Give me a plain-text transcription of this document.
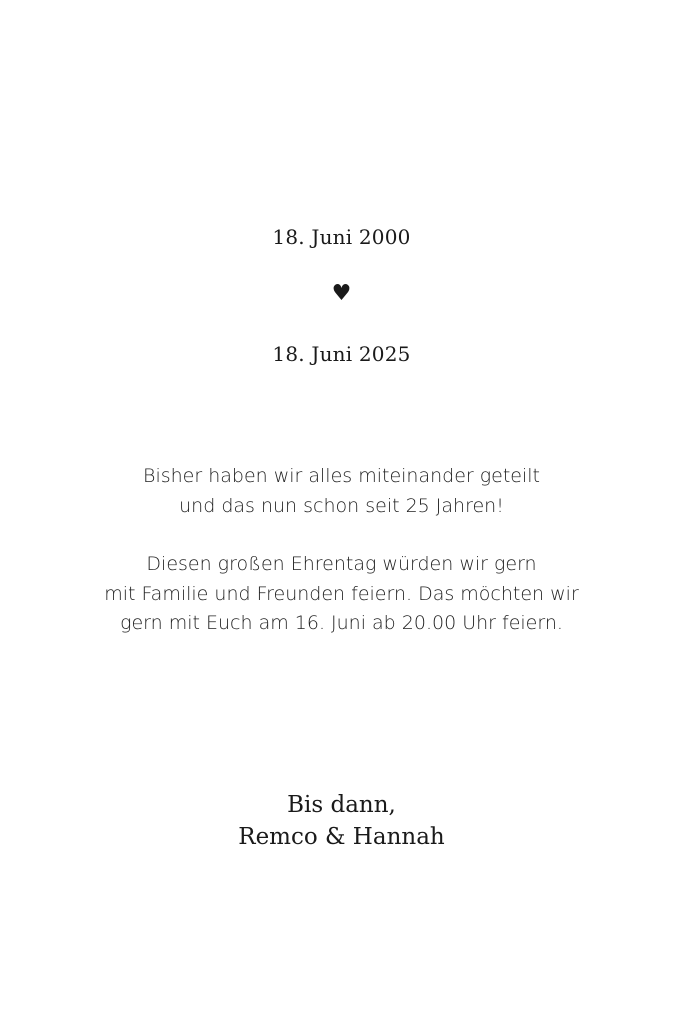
18. Juni 2000
♥
18. Juni 2025
Bisher haben wir alles miteinander geteilt
und das nun schon seit 25 Jahren!
Diesen großen Ehrentag würden wir gern
mit Familie und Freunden feiern. Das möchten wir
gern mit Euch am 16. Juni ab 20.00 Uhr feiern.
Bis dann,
Remco & Hannah
